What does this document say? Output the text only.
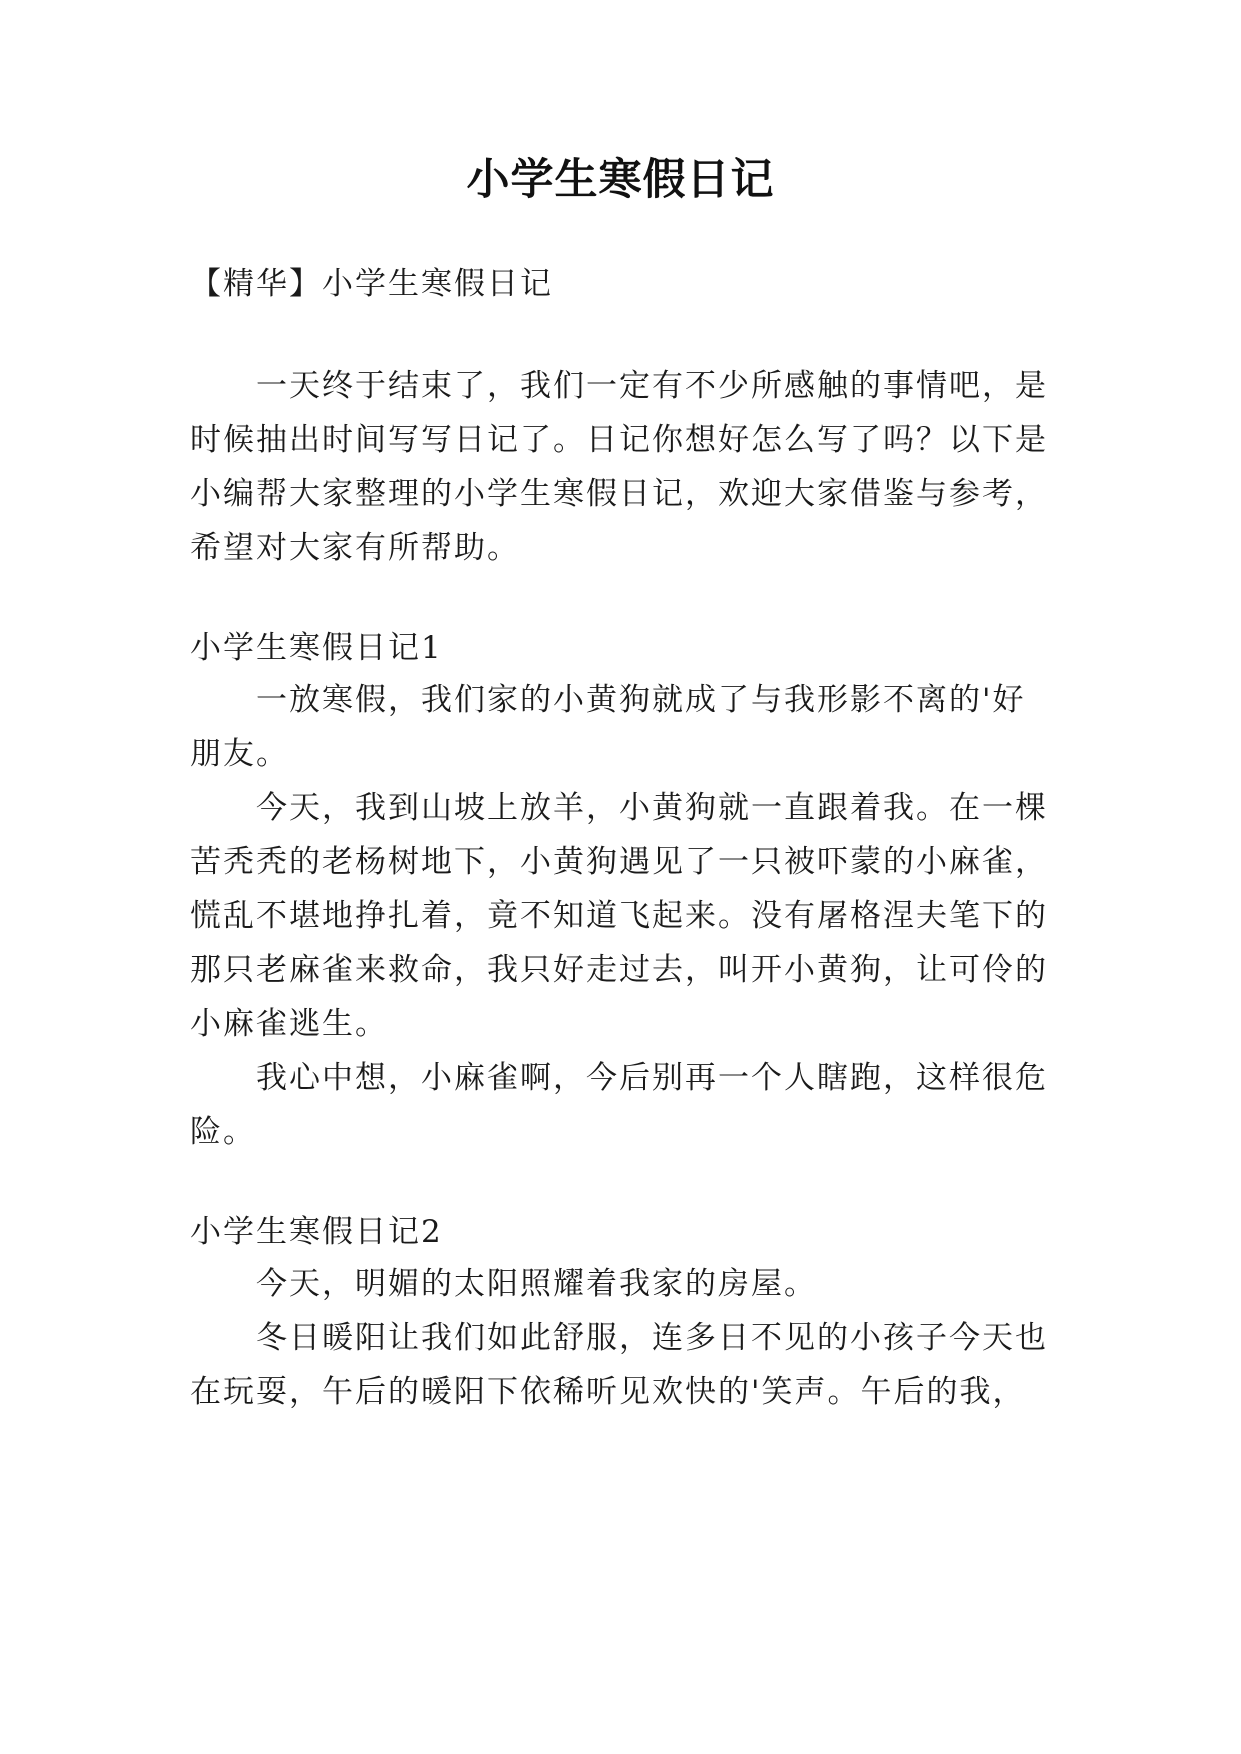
小学生寒假日记
【精华】小学生寒假日记
一天终于结束了，我们一定有不少所感触的事情吧，是
时候抽出时间写写日记了。日记你想好怎么写了吗？以下是
小编帮大家整理的小学生寒假日记，欢迎大家借鉴与参考，
希望对大家有所帮助。
小学生寒假日记1
一放寒假，我们家的小黄狗就成了与我形影不离的'好
朋友。
今天，我到山坡上放羊，小黄狗就一直跟着我。在一棵
苦秃秃的老杨树地下，小黄狗遇见了一只被吓蒙的小麻雀，
慌乱不堪地挣扎着，竟不知道飞起来。没有屠格涅夫笔下的
那只老麻雀来救命，我只好走过去，叫开小黄狗，让可伶的
小麻雀逃生。
我心中想，小麻雀啊，今后别再一个人瞎跑，这样很危
险。
小学生寒假日记2
今天，明媚的太阳照耀着我家的房屋。
冬日暖阳让我们如此舒服，连多日不见的小孩子今天也
在玩耍，午后的暖阳下依稀听见欢快的'笑声。午后的我，
